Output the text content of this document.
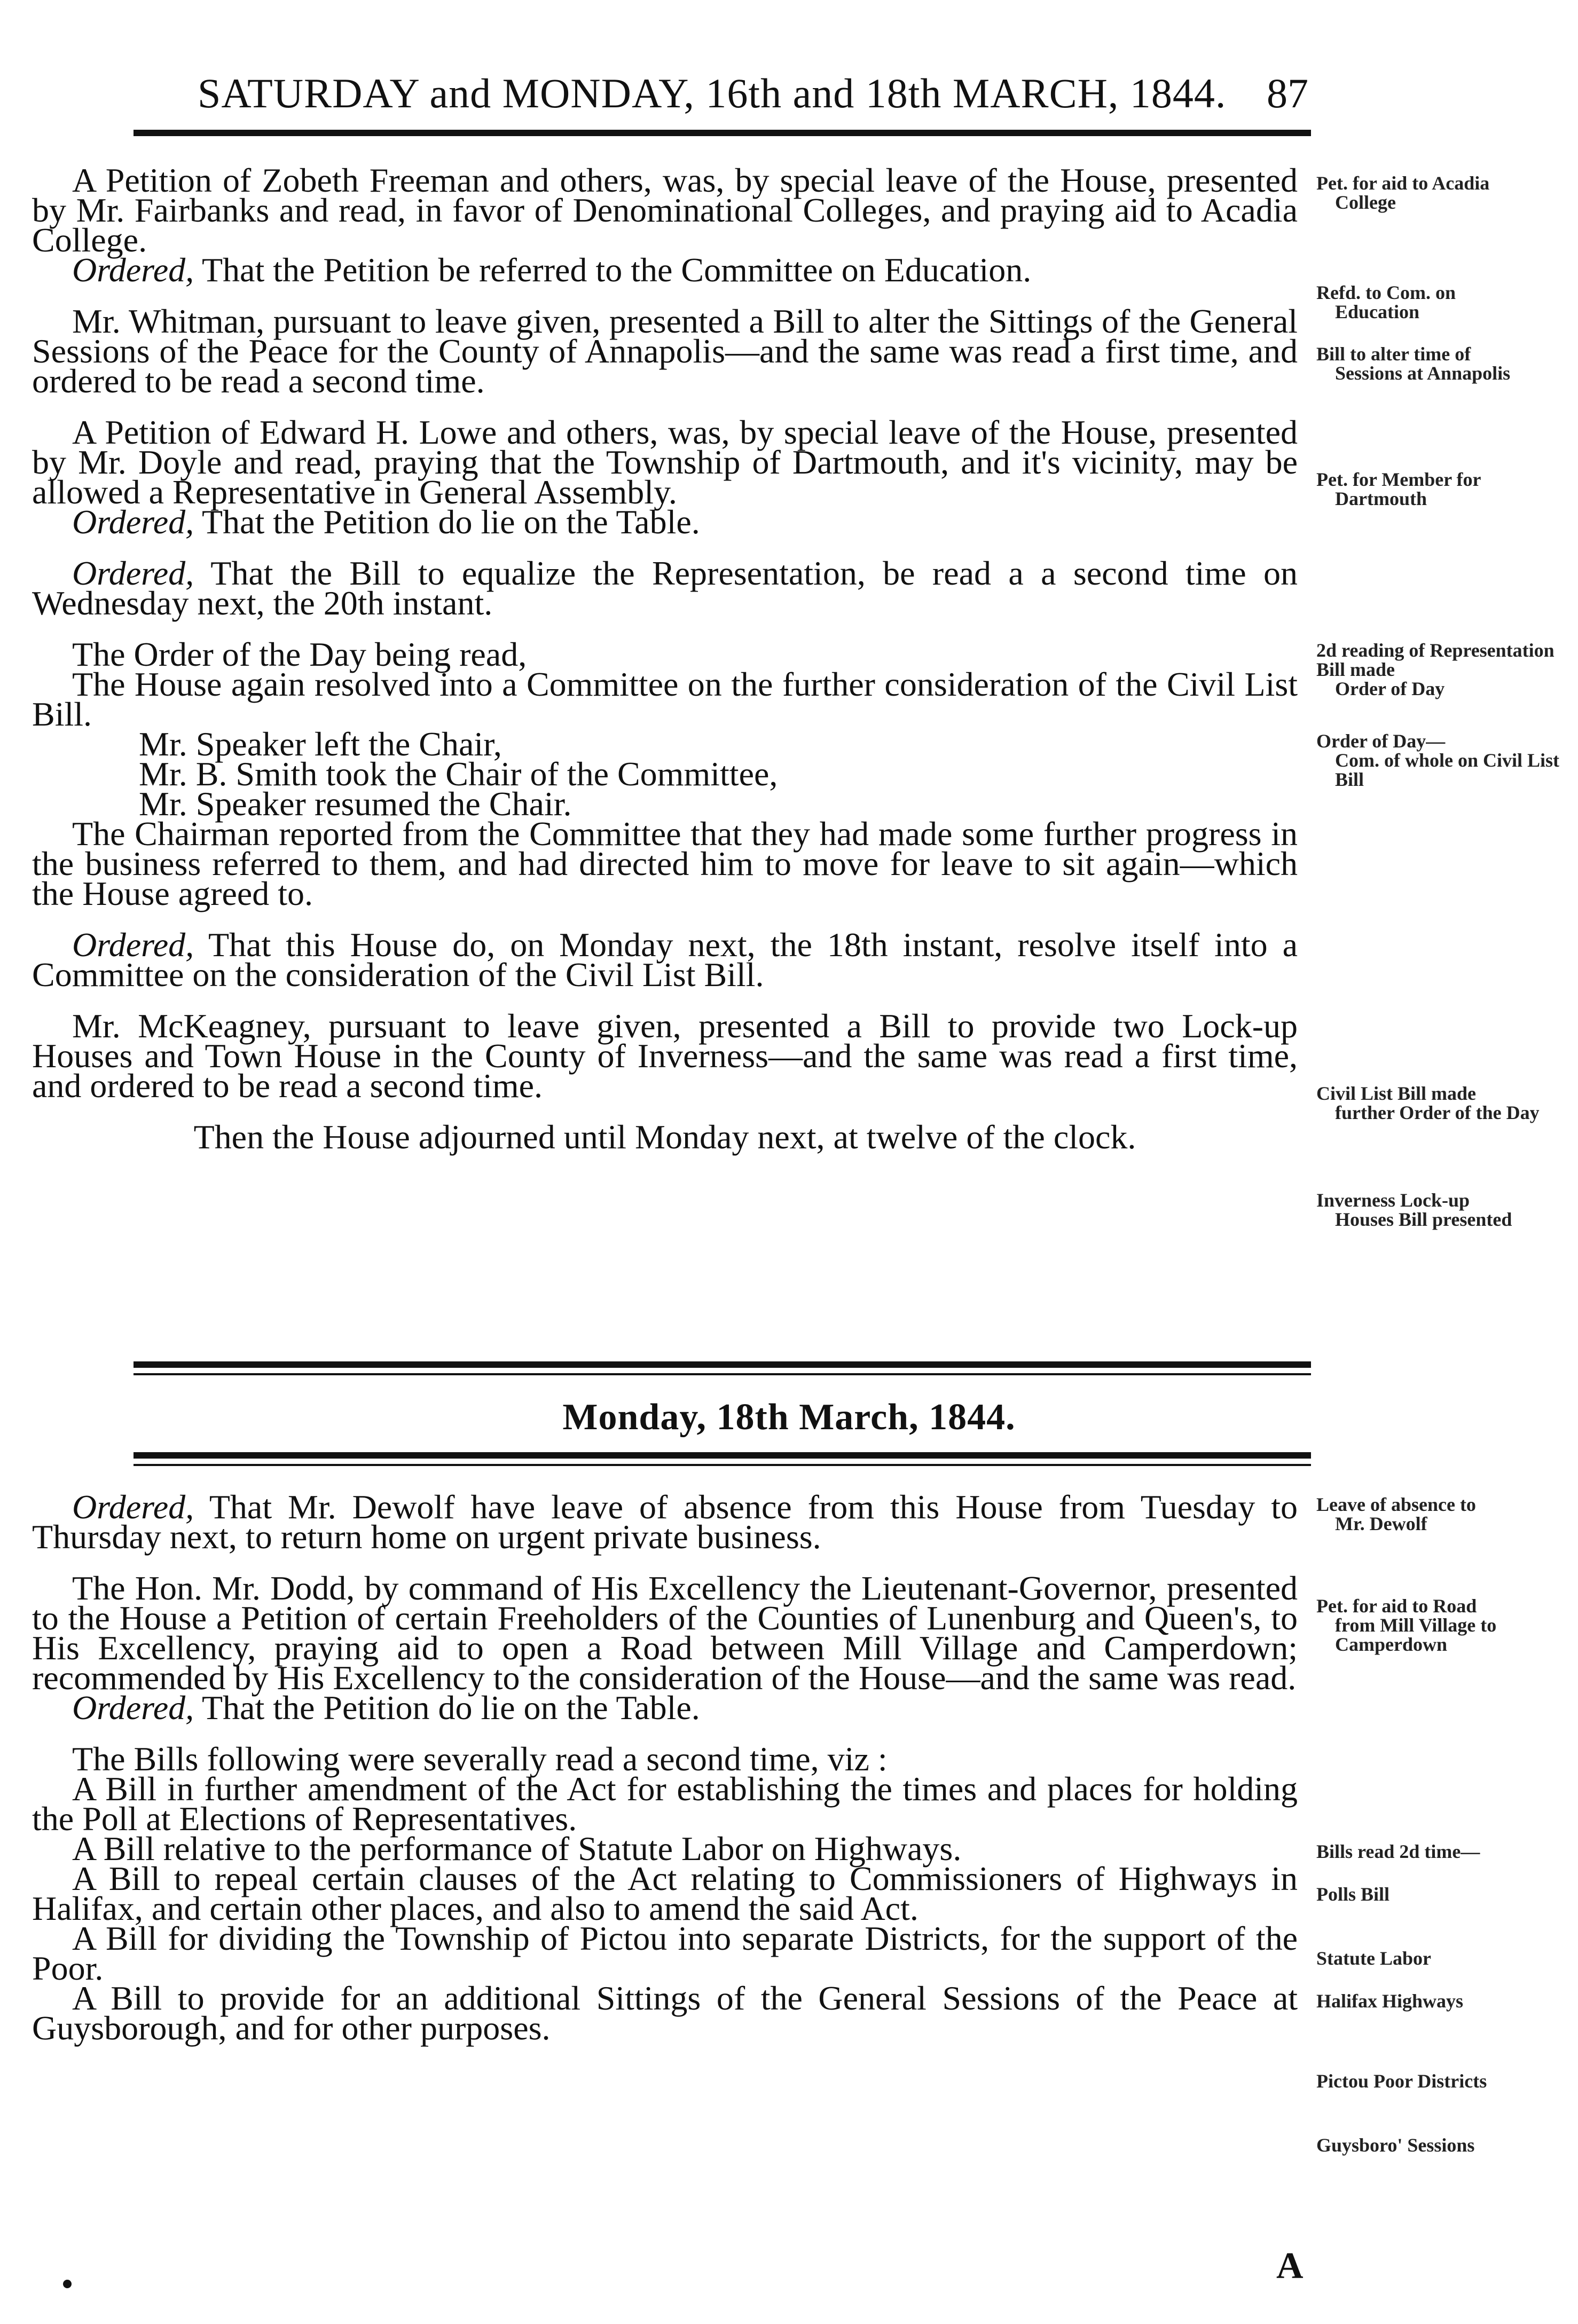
SATURDAY and MONDAY, 16th and 18th MARCH, 1844. 87

A Petition of Zobeth Freeman and others, was, by special leave of the House, presented by Mr. Fairbanks and read, in favor of Denominational Colleges, and praying aid to Acadia College.

Ordered, That the Petition be referred to the Committee on Education.

Mr. Whitman, pursuant to leave given, presented a Bill to alter the Sittings of the General Sessions of the Peace for the County of Annapolis—and the same was read a first time, and ordered to be read a second time.

A Petition of Edward H. Lowe and others, was, by special leave of the House, presented by Mr. Doyle and read, praying that the Township of Dartmouth, and it's vicinity, may be allowed a Representative in General Assembly.

Ordered, That the Petition do lie on the Table.

Ordered, That the Bill to equalize the Representation, be read a a second time on Wednesday next, the 20th instant.

The Order of the Day being read,

The House again resolved into a Committee on the further consideration of the Civil List Bill.

Mr. Speaker left the Chair,

Mr. B. Smith took the Chair of the Committee,

Mr. Speaker resumed the Chair.

The Chairman reported from the Committee that they had made some further progress in the business referred to them, and had directed him to move for leave to sit again—which the House agreed to.

Ordered, That this House do, on Monday next, the 18th instant, resolve itself into a Committee on the consideration of the Civil List Bill.

Mr. McKeagney, pursuant to leave given, presented a Bill to provide two Lock-up Houses and Town House in the County of Inverness—and the same was read a first time, and ordered to be read a second time.

Then the House adjourned until Monday next, at twelve of the clock.

Monday, 18th March, 1844.

Ordered, That Mr. Dewolf have leave of absence from this House from Tuesday to Thursday next, to return home on urgent private business.

The Hon. Mr. Dodd, by command of His Excellency the Lieutenant-Governor, presented to the House a Petition of certain Freeholders of the Counties of Lunenburg and Queen's, to His Excellency, praying aid to open a Road between Mill Village and Camperdown; recommended by His Excellency to the consideration of the House—and the same was read.

Ordered, That the Petition do lie on the Table.

The Bills following were severally read a second time, viz :

A Bill in further amendment of the Act for establishing the times and places for holding the Poll at Elections of Representatives.

A Bill relative to the performance of Statute Labor on Highways.

A Bill to repeal certain clauses of the Act relating to Commissioners of Highways in Halifax, and certain other places, and also to amend the said Act.

A Bill for dividing the Township of Pictou into separate Districts, for the support of the Poor.

A Bill to provide for an additional Sittings of the General Sessions of the Peace at Guysborough, and for other purposes.

Pet. for aid to Acadia
College
Refd. to Com. on
Education
Bill to alter time of
Sessions at Annapolis
Pet. for Member for
Dartmouth
2d reading of Representation Bill made
Order of Day
Order of Day—
Com. of whole on Civil List Bill
Civil List Bill made
further Order of the Day
Inverness Lock-up
Houses Bill presented
Leave of absence to
Mr. Dewolf
Pet. for aid to Road
from Mill Village to Camperdown
Bills read 2d time—
Polls Bill
Statute Labor
Halifax Highways
Pictou Poor Districts
Guysboro' Sessions
A
